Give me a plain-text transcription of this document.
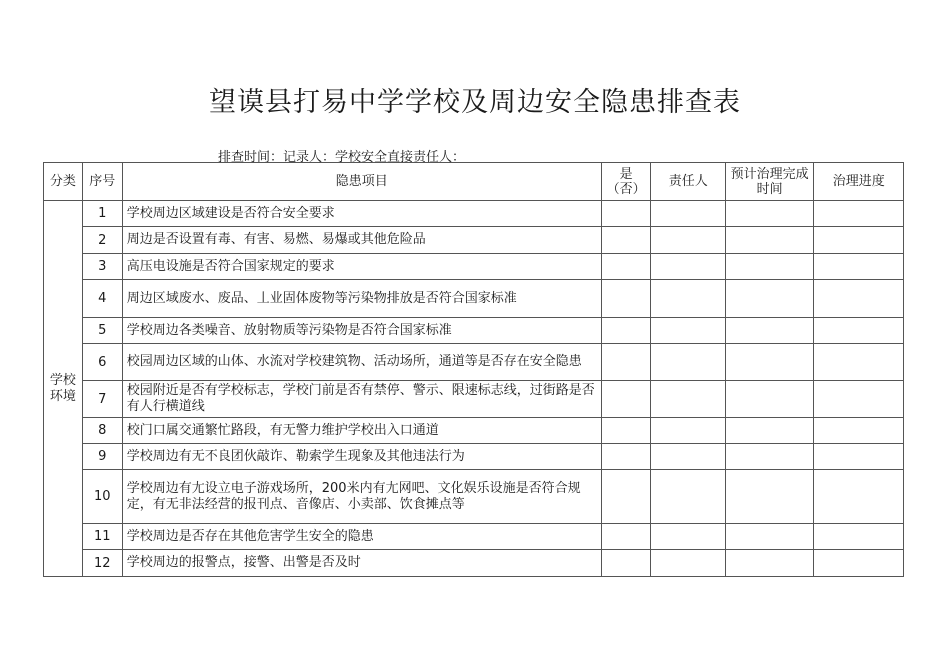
望谟县打易中学学校及周边安全隐患排查表
排查时间：记录人：学校安全直接责任人：
分类	序号	隐患项目	是（否）	责任人	预计治理完成时间	治理进度
学校环境	1	学校周边区域建设是否符合安全要求				
	2	周边是否设置有毒、有害、易燃、易爆或其他危险品				
	3	高压电设施是否符合国家规定的要求				
	4	周边区域废水、废品、丄业固体废物等污染物排放是否符合国家标准				
	5	学校周边各类噪音、放射物质等污染物是否符合国家标准				
	6	校园周边区域的山体、水流对学校建筑物、活动场所，通道等是否存在安全隐患				
	7	校园附近是否有学校标志，学校门前是否有禁停、警示、限速标志线，过街路是否有人行横道线				
	8	校门口属交通繁忙路段，有无警力维护学校出入口通道				
	9	学校周边有无不良团伙敲诈、勒索学生现象及其他违法行为				
	10	学校周边有尢设立电子游戏场所，200米内有尢网吧、文化娱乐设施是否符合规定，有无非法经营的报刊点、音像店、小卖部、饮食摊点等				
	11	学校周边是否存在其他危害学生安全的隐患				
	12	学校周边的报警点，接警、出警是否及时				
